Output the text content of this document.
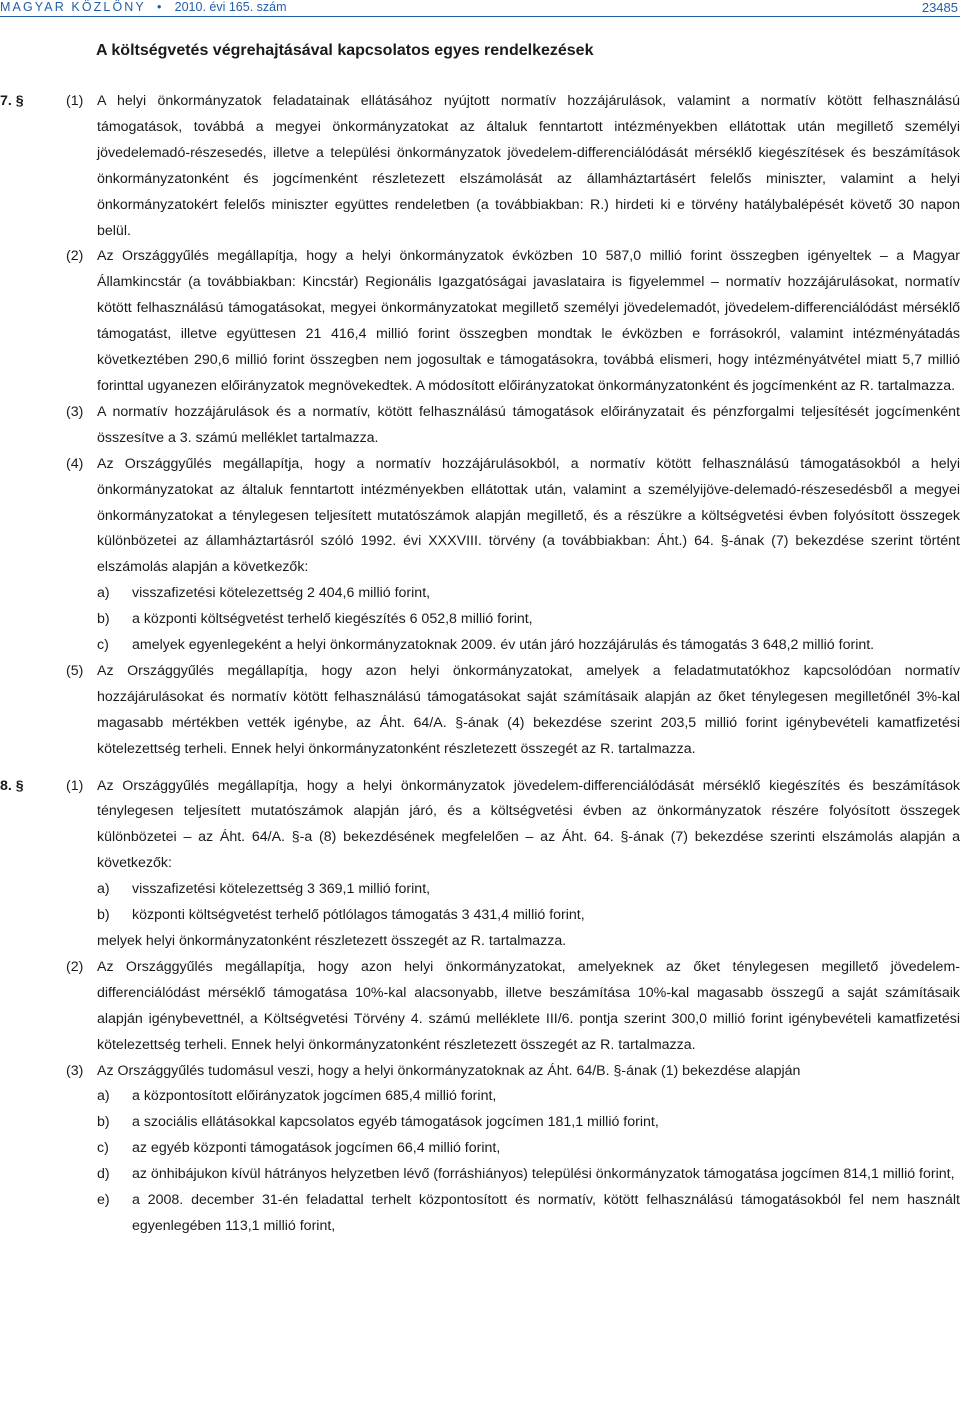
MAGYAR KÖZLÖNY  •  2010. évi 165. szám	23485
A költségvetés végrehajtásával kapcsolatos egyes rendelkezések
7. §	(1) A helyi önkormányzatok feladatainak ellátásához nyújtott normatív hozzájárulások, valamint a normatív kötött felhasználású támogatások, továbbá a megyei önkormányzatokat az általuk fenntartott intézményekben ellátottak után megillető személyi jövedelemadó-részesedés, illetve a települési önkormányzatok jövedelem-differenciálódását mérséklő kiegészítések és beszámítások önkormányzatonként és jogcímenként részletezett elszámolását az államháztartásért felelős miniszter, valamint a helyi önkormányzatokért felelős miniszter együttes rendeletben (a továbbiakban: R.) hirdeti ki e törvény hatálybalépését követő 30 napon belül.
(2) Az Országgyűlés megállapítja, hogy a helyi önkormányzatok évközben 10 587,0 millió forint összegben igényeltek – a Magyar Államkincstár (a továbbiakban: Kincstár) Regionális Igazgatóságai javaslataira is figyelemmel – normatív hozzájárulásokat, normatív kötött felhasználású támogatásokat, megyei önkormányzatokat megillető személyi jövedelemadót, jövedelem-differenciálódást mérséklő támogatást, illetve együttesen 21 416,4 millió forint összegben mondtak le évközben e forrásokról, valamint intézményátadás következtében 290,6 millió forint összegben nem jogosultak e támogatásokra, továbbá elismeri, hogy intézményátvétel miatt 5,7 millió forinttal ugyanezen előirányzatok megnövekedtek. A módosított előirányzatokat önkormányzatonként és jogcímenként az R. tartalmazza.
(3) A normatív hozzájárulások és a normatív, kötött felhasználású támogatások előirányzatait és pénzforgalmi teljesítését jogcímenként összesítve a 3. számú melléklet tartalmazza.
(4) Az Országgyűlés megállapítja, hogy a normatív hozzájárulásokból, a normatív kötött felhasználású támogatásokból a helyi önkormányzatokat az általuk fenntartott intézményekben ellátottak után, valamint a személyijöve-delemadó-részesedésből a megyei önkormányzatokat a ténylegesen teljesített mutatószámok alapján megillető, és a részükre a költségvetési évben folyósított összegek különbözetei az államháztartásról szóló 1992. évi XXXVIII. törvény (a továbbiakban: Áht.) 64. §-ának (7) bekezdése szerint történt elszámolás alapján a következők:
a) visszafizetési kötelezettség 2 404,6 millió forint,
b) a központi költségvetést terhelő kiegészítés 6 052,8 millió forint,
c) amelyek egyenlegeként a helyi önkormányzatoknak 2009. év után járó hozzájárulás és támogatás 3 648,2 millió forint.
(5) Az Országgyűlés megállapítja, hogy azon helyi önkormányzatokat, amelyek a feladatmutatókhoz kapcsolódóan normatív hozzájárulásokat és normatív kötött felhasználású támogatásokat saját számításaik alapján az őket ténylegesen megilletőnél 3%-kal magasabb mértékben vették igénybe, az Áht. 64/A. §-ának (4) bekezdése szerint 203,5 millió forint igénybevételi kamatfizetési kötelezettség terheli. Ennek helyi önkormányzatonként részletezett összegét az R. tartalmazza.
8. §	(1) Az Országgyűlés megállapítja, hogy a helyi önkormányzatok jövedelem-differenciálódását mérséklő kiegészítés és beszámítások ténylegesen teljesített mutatószámok alapján járó, és a költségvetési évben az önkormányzatok részére folyósított összegek különbözetei – az Áht. 64/A. §-a (8) bekezdésének megfelelően – az Áht. 64. §-ának (7) bekezdése szerinti elszámolás alapján a következők:
a) visszafizetési kötelezettség 3 369,1 millió forint,
b) központi költségvetést terhelő pótlólagos támogatás 3 431,4 millió forint,
melyek helyi önkormányzatonként részletezett összegét az R. tartalmazza.
(2) Az Országgyűlés megállapítja, hogy azon helyi önkormányzatokat, amelyeknek az őket ténylegesen megillető jövedelem-differenciálódást mérséklő támogatása 10%-kal alacsonyabb, illetve beszámítása 10%-kal magasabb összegű a saját számításaik alapján igénybevettnél, a Költségvetési Törvény 4. számú melléklete III/6. pontja szerint 300,0 millió forint igénybevételi kamatfizetési kötelezettség terheli. Ennek helyi önkormányzatonként részletezett összegét az R. tartalmazza.
(3) Az Országgyűlés tudomásul veszi, hogy a helyi önkormányzatoknak az Áht. 64/B. §-ának (1) bekezdése alapján
a) a központosított előirányzatok jogcímen 685,4 millió forint,
b) a szociális ellátásokkal kapcsolatos egyéb támogatások jogcímen 181,1 millió forint,
c) az egyéb központi támogatások jogcímen 66,4 millió forint,
d) az önhibájukon kívül hátrányos helyzetben lévő (forráshiányos) települési önkormányzatok támogatása jogcímen 814,1 millió forint,
e) a 2008. december 31-én feladattal terhelt központosított és normatív, kötött felhasználású támogatásokból fel nem használt egyenlegében 113,1 millió forint,
